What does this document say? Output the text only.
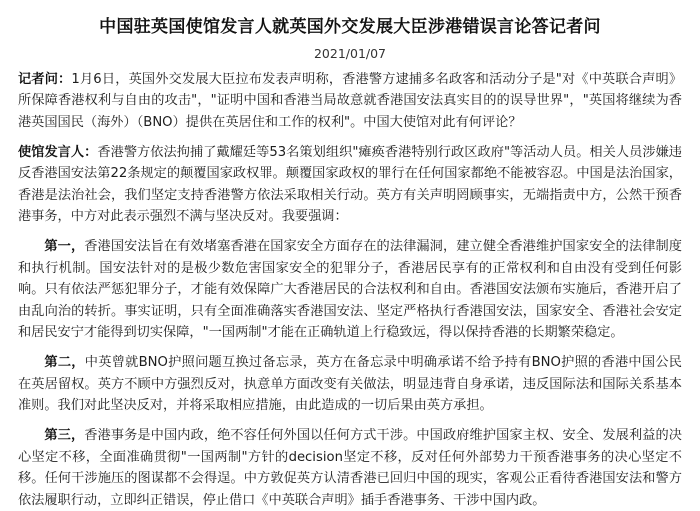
中国驻英国使馆发言人就英国外交发展大臣涉港错误言论答记者问
2021/01/07

记者问：1月6日，英国外交发展大臣拉布发表声明称，香港警方逮捕多名政客和活动分子是"对《中英联合声明》所保障香港权利与自由的攻击"，"证明中国和香港当局故意就香港国安法真实目的的误导世界"，"英国将继续为香港英国国民（海外）（BNO）提供在英居住和工作的权利"。中国大使馆对此有何评论？

使馆发言人：香港警方依法拘捕了戴耀廷等53名策划组织"瘫痪香港特别行政区政府"等活动人员。相关人员涉嫌违反香港国安法第22条规定的颠覆国家政权罪。颠覆国家政权的罪行在任何国家都绝不能被容忍。中国是法治国家，香港是法治社会，我们坚定支持香港警方依法采取相关行动。英方有关声明罔顾事实，无端指责中方，公然干预香港事务，中方对此表示强烈不满与坚决反对。我要强调：

第一，香港国安法旨在有效堵塞香港在国家安全方面存在的法律漏洞，建立健全香港维护国家安全的法律制度和执行机制。国安法针对的是极少数危害国家安全的犯罪分子，香港居民享有的正常权利和自由没有受到任何影响。只有依法严惩犯罪分子，才能有效保障广大香港居民的合法权利和自由。香港国安法颁布实施后，香港开启了由乱向治的转折。事实证明，只有全面准确落实香港国安法、坚定严格执行香港国安法，国家安全、香港社会安定和居民安宁才能得到切实保障，"一国两制"才能在正确轨道上行稳致远，得以保持香港的长期繁荣稳定。

第二，中英曾就BNO护照问题互换过备忘录，英方在备忘录中明确承诺不给予持有BNO护照的香港中国公民在英居留权。英方不顾中方强烈反对，执意单方面改变有关做法，明显违背自身承诺，违反国际法和国际关系基本准则。我们对此坚决反对，并将采取相应措施，由此造成的一切后果由英方承担。

第三，香港事务是中国内政，绝不容任何外国以任何方式干涉。中国政府维护国家主权、安全、发展利益的决心坚定不移，全面准确贯彻"一国两制"方针的decision坚定不移，反对任何外部势力干预香港事务的决心坚定不移。任何干涉施压的图谋都不会得逞。中方敦促英方认清香港已回归中国的现实，客观公正看待香港国安法和警方依法履职行动，立即纠正错误，停止借口《中英联合声明》插手香港事务、干涉中国内政。
